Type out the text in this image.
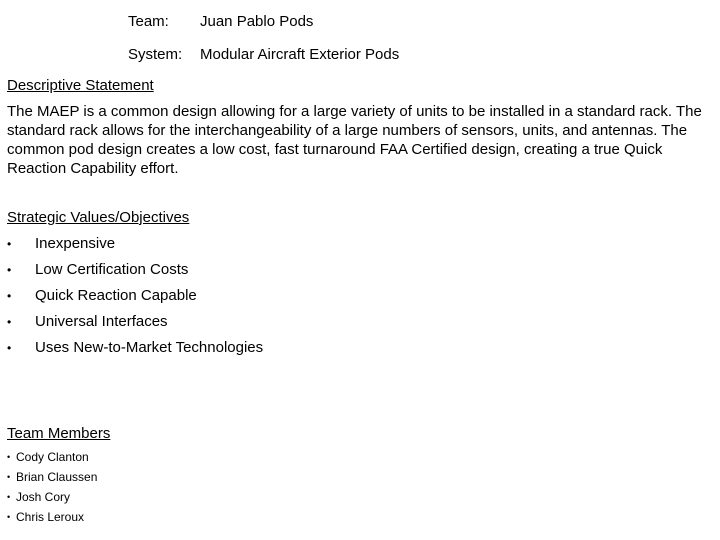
Team: Juan Pablo Pods
System: Modular Aircraft Exterior Pods
Descriptive Statement

The MAEP is a common design allowing for a large variety of units to be installed in a standard rack. The standard rack allows for the interchangeability of a large numbers of sensors, units, and antennas. The common pod design creates a low cost, fast turnaround FAA Certified design, creating a true Quick Reaction Capability effort.

Strategic Values/Objectives
• Inexpensive
• Low Certification Costs
• Quick Reaction Capable
• Universal Interfaces
• Uses New-to-Market Technologies
Team Members
• Cody Clanton
• Brian Claussen
• Josh Cory
• Chris Leroux
